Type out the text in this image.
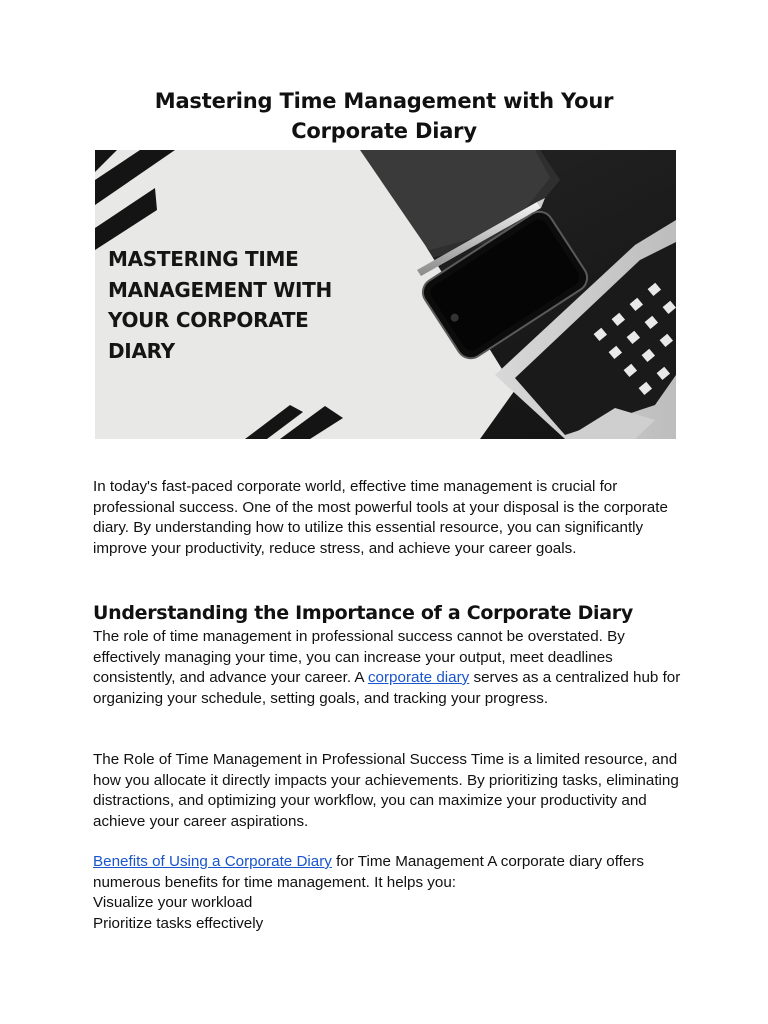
Mastering Time Management with Your Corporate Diary

MASTERING TIME MANAGEMENT WITH YOUR CORPORATE DIARY

In today's fast-paced corporate world, effective time management is crucial for professional success. One of the most powerful tools at your disposal is the corporate diary. By understanding how to utilize this essential resource, you can significantly improve your productivity, reduce stress, and achieve your career goals.

Understanding the Importance of a Corporate Diary

The role of time management in professional success cannot be overstated. By effectively managing your time, you can increase your output, meet deadlines consistently, and advance your career. A corporate diary serves as a centralized hub for organizing your schedule, setting goals, and tracking your progress.

The Role of Time Management in Professional Success Time is a limited resource, and how you allocate it directly impacts your achievements. By prioritizing tasks, eliminating distractions, and optimizing your workflow, you can maximize your productivity and achieve your career aspirations.

Benefits of Using a Corporate Diary for Time Management A corporate diary offers numerous benefits for time management. It helps you:
Visualize your workload
Prioritize tasks effectively
